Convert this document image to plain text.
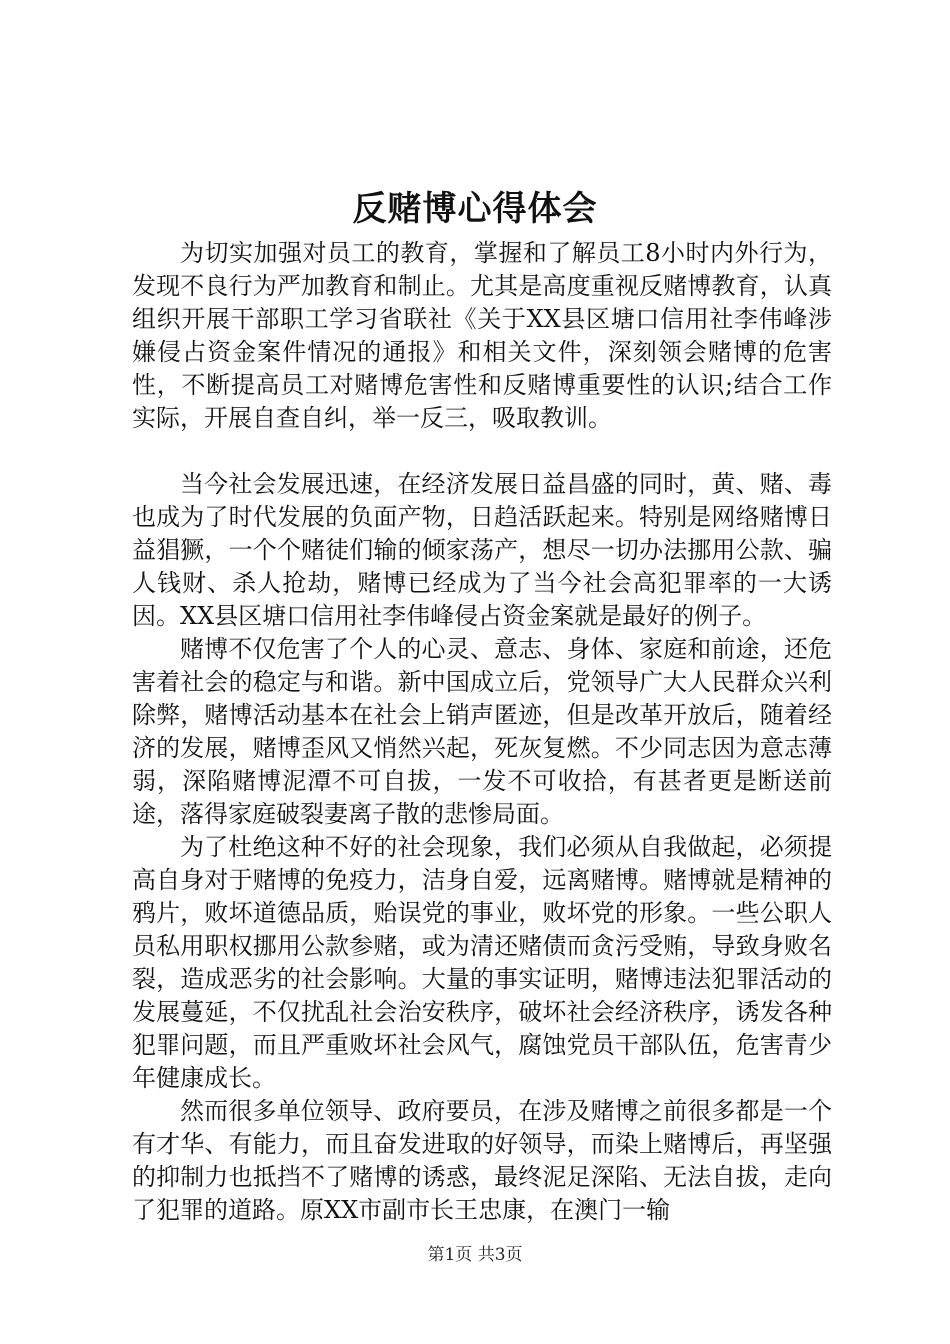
反赌博心得体会

为切实加强对员工的教育，掌握和了解员工8小时内外行为，发现不良行为严加教育和制止。尤其是高度重视反赌博教育，认真组织开展干部职工学习省联社《关于XX县区塘口信用社李伟峰涉嫌侵占资金案件情况的通报》和相关文件，深刻领会赌博的危害性，不断提高员工对赌博危害性和反赌博重要性的认识;结合工作实际，开展自查自纠，举一反三，吸取教训。

当今社会发展迅速，在经济发展日益昌盛的同时，黄、赌、毒也成为了时代发展的负面产物，日趋活跃起来。特别是网络赌博日益猖獗，一个个赌徒们输的倾家荡产，想尽一切办法挪用公款、骗人钱财、杀人抢劫，赌博已经成为了当今社会高犯罪率的一大诱因。XX县区塘口信用社李伟峰侵占资金案就是最好的例子。

赌博不仅危害了个人的心灵、意志、身体、家庭和前途，还危害着社会的稳定与和谐。新中国成立后，党领导广大人民群众兴利除弊，赌博活动基本在社会上销声匿迹，但是改革开放后，随着经济的发展，赌博歪风又悄然兴起，死灰复燃。不少同志因为意志薄弱，深陷赌博泥潭不可自拔，一发不可收拾，有甚者更是断送前途，落得家庭破裂妻离子散的悲惨局面。

为了杜绝这种不好的社会现象，我们必须从自我做起，必须提高自身对于赌博的免疫力，洁身自爱，远离赌博。赌博就是精神的鸦片，败坏道德品质，贻误党的事业，败坏党的形象。一些公职人员私用职权挪用公款参赌，或为清还赌债而贪污受贿，导致身败名裂，造成恶劣的社会影响。大量的事实证明，赌博违法犯罪活动的发展蔓延，不仅扰乱社会治安秩序，破坏社会经济秩序，诱发各种犯罪问题，而且严重败坏社会风气，腐蚀党员干部队伍，危害青少年健康成长。

然而很多单位领导、政府要员，在涉及赌博之前很多都是一个有才华、有能力，而且奋发进取的好领导，而染上赌博后，再坚强的抑制力也抵挡不了赌博的诱惑，最终泥足深陷、无法自拔，走向了犯罪的道路。原XX市副市长王忠康，在澳门一输

第1页 共3页
